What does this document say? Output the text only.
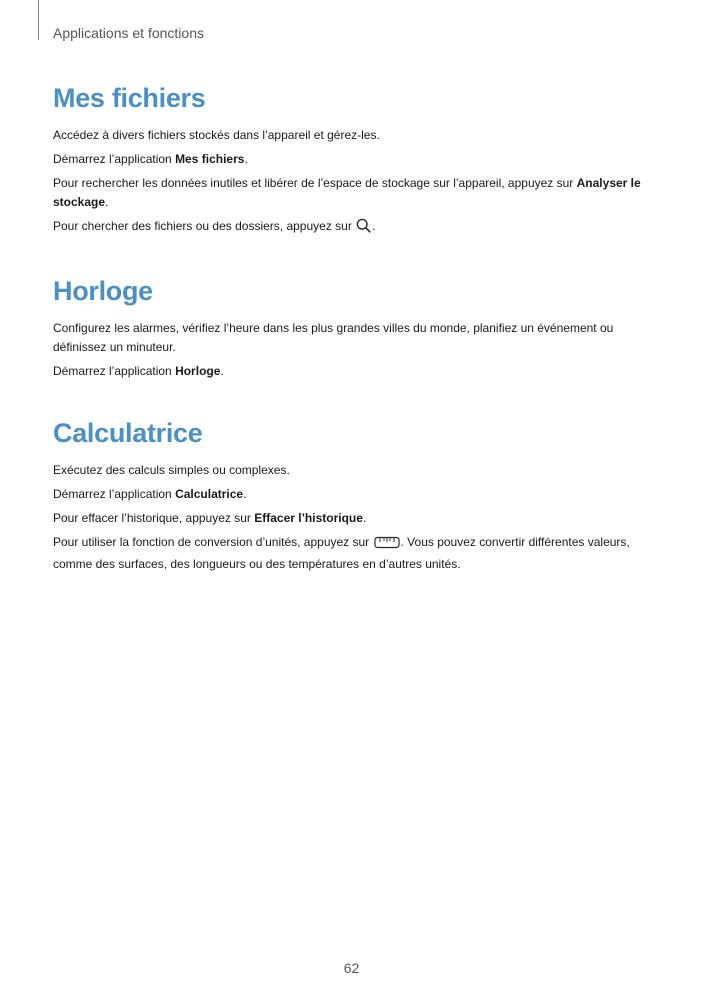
Applications et fonctions
Mes fichiers

Accédez à divers fichiers stockés dans l’appareil et gérez-les.

Démarrez l’application Mes fichiers.

Pour rechercher les données inutiles et libérer de l’espace de stockage sur l’appareil, appuyez sur Analyser le stockage.

Pour chercher des fichiers ou des dossiers, appuyez sur .

Horloge

Configurez les alarmes, vérifiez l’heure dans les plus grandes villes du monde, planifiez un événement ou définissez un minuteur.

Démarrez l’application Horloge.

Calculatrice

Exécutez des calculs simples ou complexes.

Démarrez l’application Calculatrice.

Pour effacer l’historique, appuyez sur Effacer l’historique.

Pour utiliser la fonction de conversion d’unités, appuyez sur . Vous pouvez convertir différentes valeurs, comme des surfaces, des longueurs ou des températures en d’autres unités.

62
